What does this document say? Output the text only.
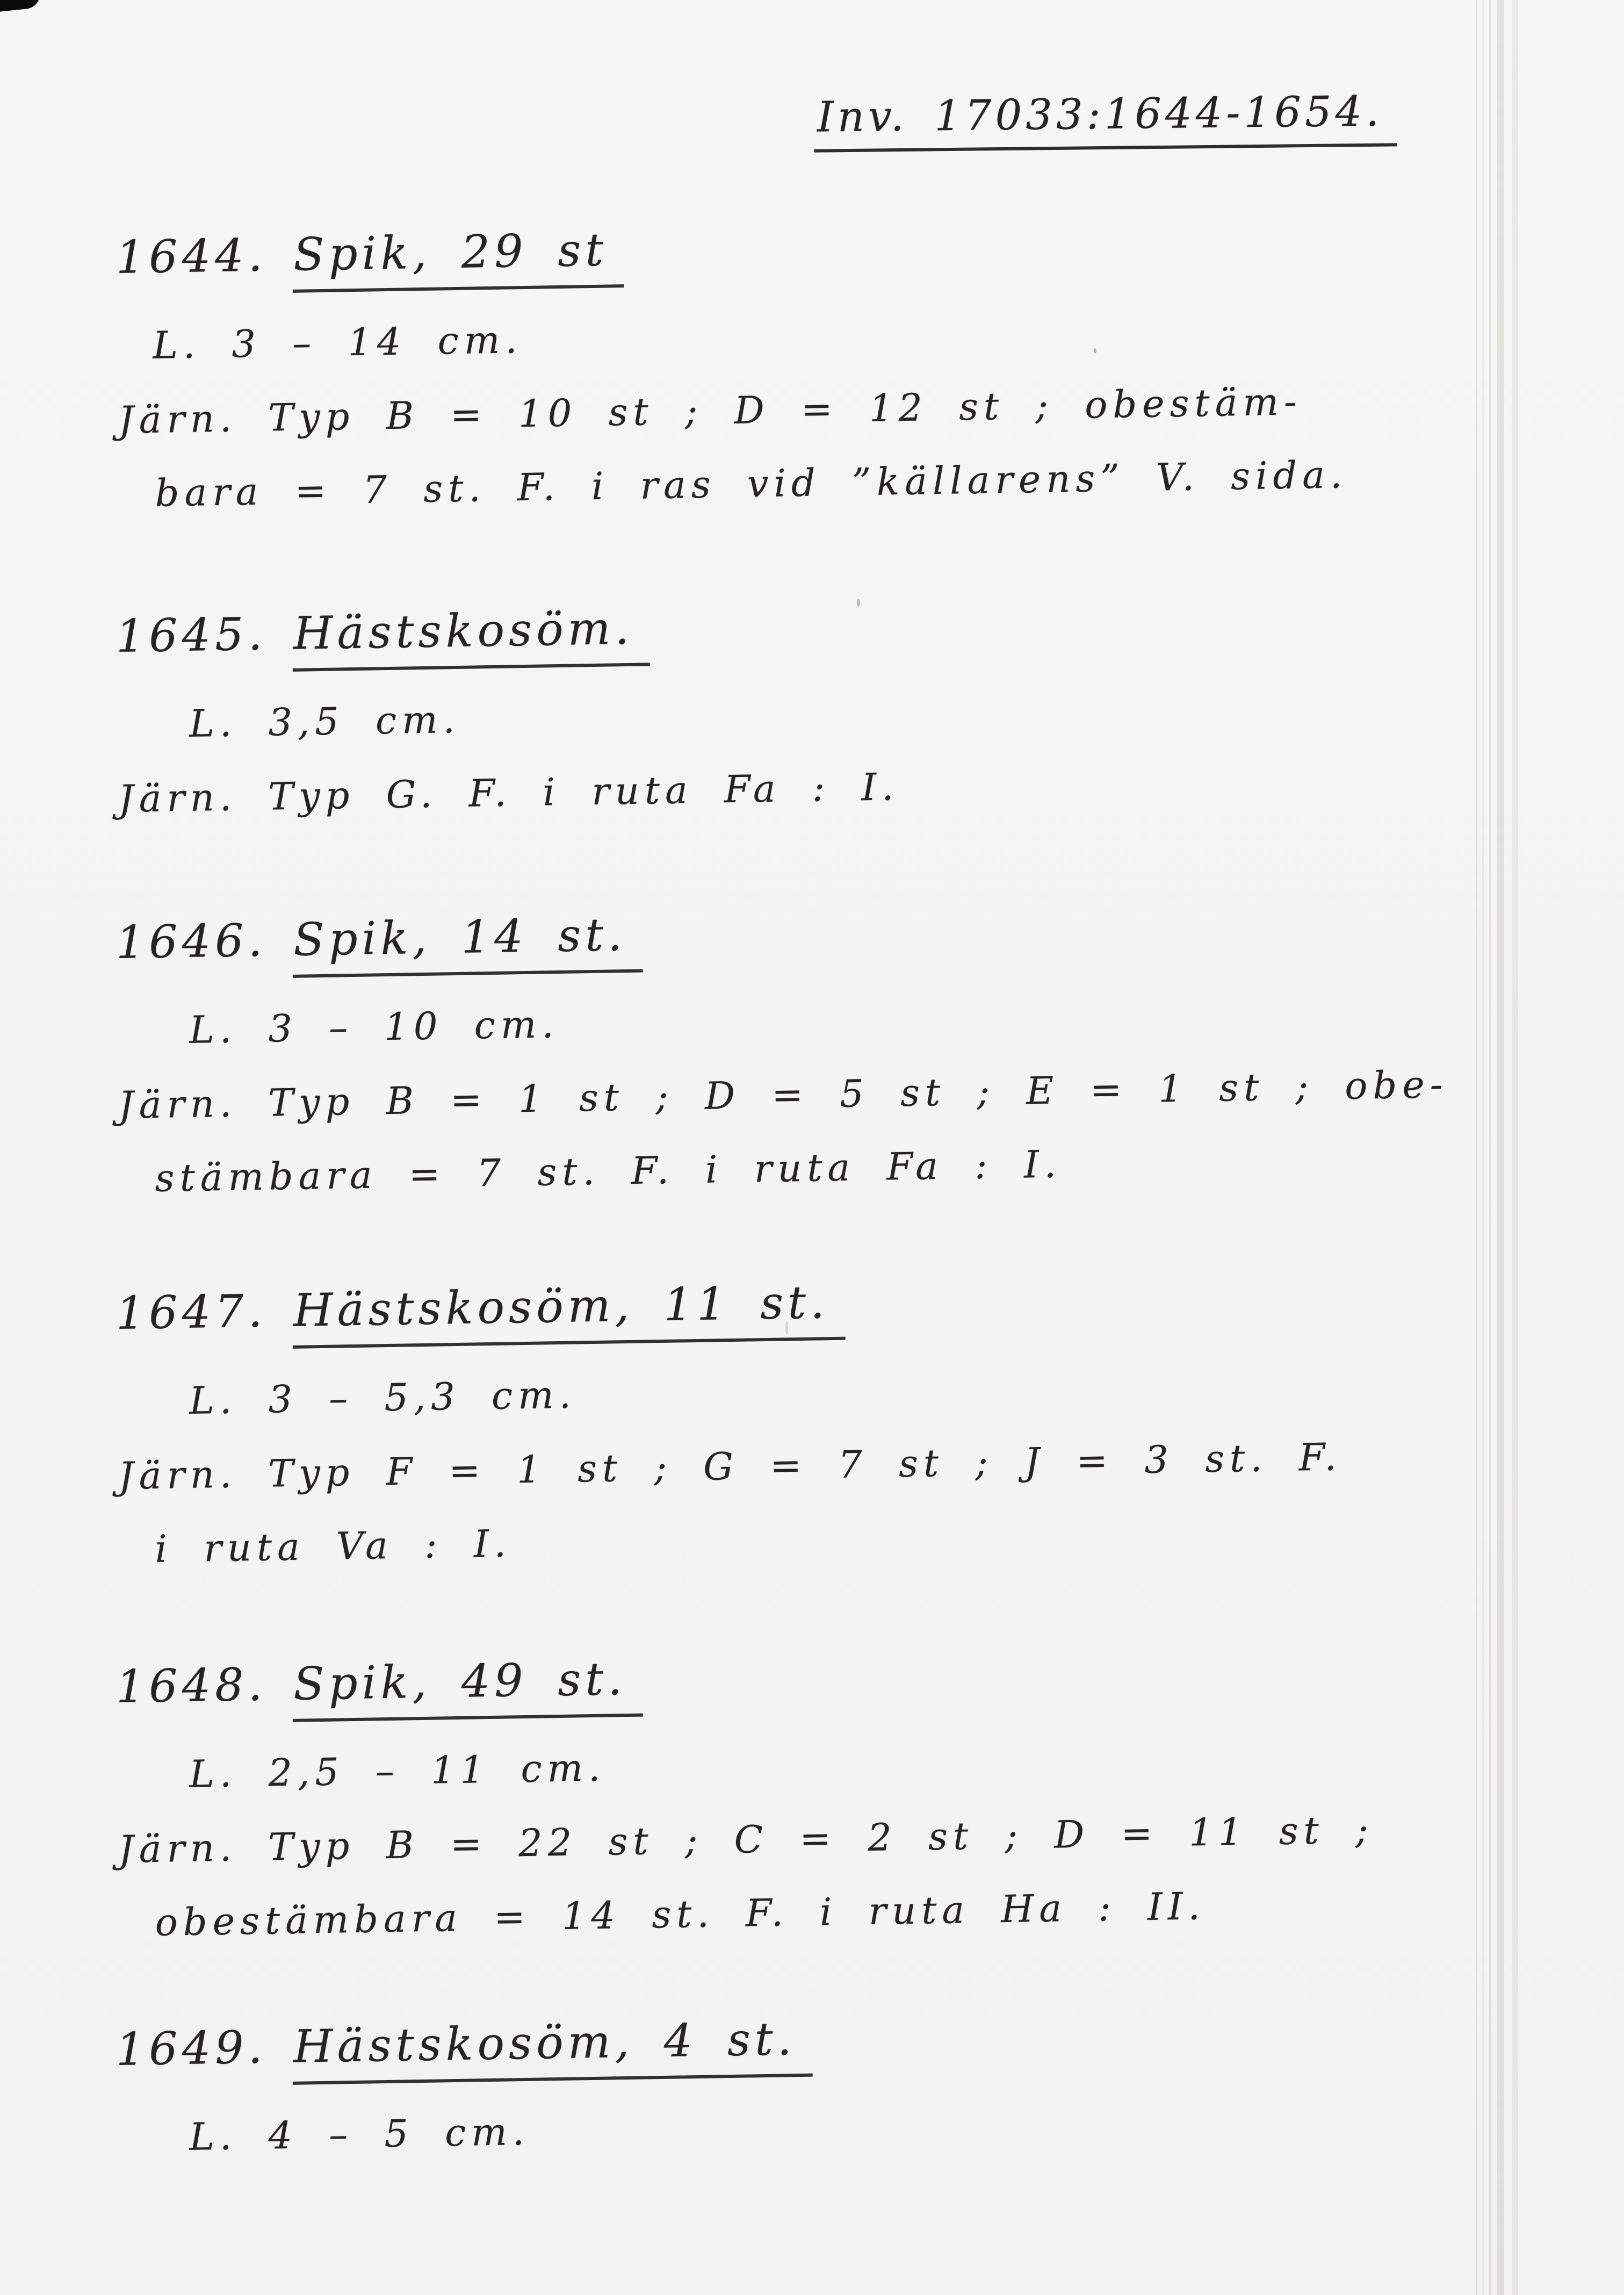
Inv. 17033:1644-1654.
1644. Spik, 29 st
L. 3 – 14 cm.
Järn. Typ B = 10 st ; D = 12 st ; obestäm-
bara = 7 st. F. i ras vid ”källarens” V. sida.
1645. Hästskosöm.
L. 3,5 cm.
Järn. Typ G. F. i ruta Fa : I.
1646. Spik, 14 st.
L. 3 – 10 cm.
Järn. Typ B = 1 st ; D = 5 st ; E = 1 st ; obe-
stämbara = 7 st. F. i ruta Fa : I.
1647. Hästskosöm, 11 st.
L. 3 – 5,3 cm.
Järn. Typ F = 1 st ; G = 7 st ; J = 3 st. F.
i ruta Va : I.
1648. Spik, 49 st.
L. 2,5 – 11 cm.
Järn. Typ B = 22 st ; C = 2 st ; D = 11 st ;
obestämbara = 14 st. F. i ruta Ha : II.
1649. Hästskosöm, 4 st.
L. 4 – 5 cm.
